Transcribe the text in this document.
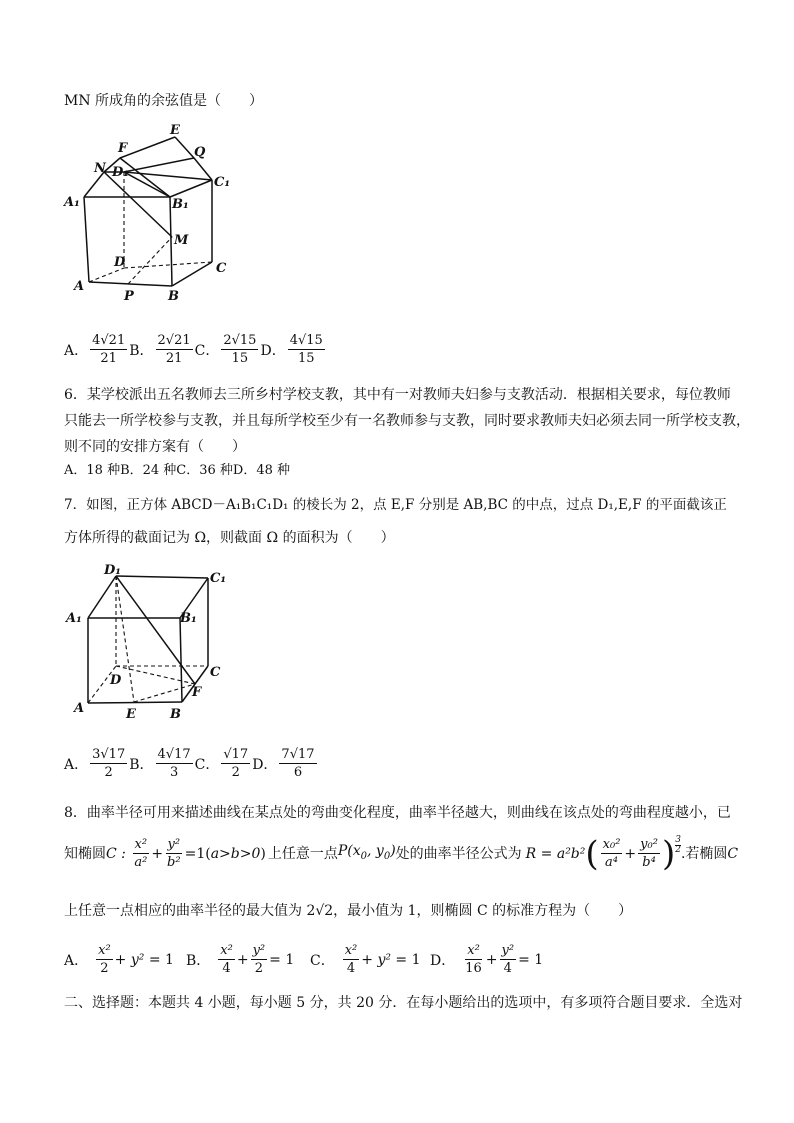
MN 所成角的余弦值是（　　）
E
F	Q
N D₁
C₁
A₁	B₁
M
D	C
A
P	B
A． $\frac{4√21}{21}$ B． $\frac{2√21}{21}$ C． $\frac{2√15}{15}$ D． $\frac{4√15}{15}$
6．某学校派出五名教师去三所乡村学校支教，其中有一对教师夫妇参与支教活动．根据相关要求，每位教师
只能去一所学校参与支教，并且每所学校至少有一名教师参与支教，同时要求教师夫妇必须去同一所学校支教，
则不同的安排方案有（　　）
A．18 种B．24 种C．36 种D．48 种
7．如图，正方体 ABCD－A₁B₁C₁D₁ 的棱长为 2，点 E,F 分别是 AB,BC 的中点，过点 D₁,E,F 的平面截该正
方体所得的截面记为 Ω，则截面 Ω 的面积为（　　）
D₁
C₁
A₁	B₁
C
D
F
A	E	B
A． $\frac{3√17}{2}$ B． $\frac{4√17}{3}$ C． $\frac{√17}{2}$ D． $\frac{7√17}{6}$
8．曲率半径可用来描述曲线在某点处的弯曲变化程度，曲率半径越大，则曲线在该点处的弯曲程度越小，已
知椭圆 C : $\frac{\text{x²}}{\text{a²}} + \frac{\text{y²}}{\text{b²}} =1$( a>b>0 ) 上任意一点 $P(x_0$, $y_0$) 处的曲率半径公式为 R = a²b² ( $\frac{\text{x₀²}}{\text{a⁴}} + \frac{\text{y₀²}}{\text{b⁴}}$ ) 3
2 .若椭圆 C
上任意一点相应的曲率半径的最大值为 2√2，最小值为 1，则椭圆 C 的标准方程为（　　）
A． $\frac{\text{x²}}{2} + y^2 = 1$ B． $\frac{\text{x²}}{4} + \frac{\text{y²}}{2} = 1$ C． $\frac{\text{x²}}{4} + y^2 = 1$ D． $\frac{\text{x²}}{16} + \frac{\text{y²}}{4} = 1$
二、选择题：本题共 4 小题，每小题 5 分，共 20 分．在每小题给出的选项中，有多项符合题目要求．全选对
